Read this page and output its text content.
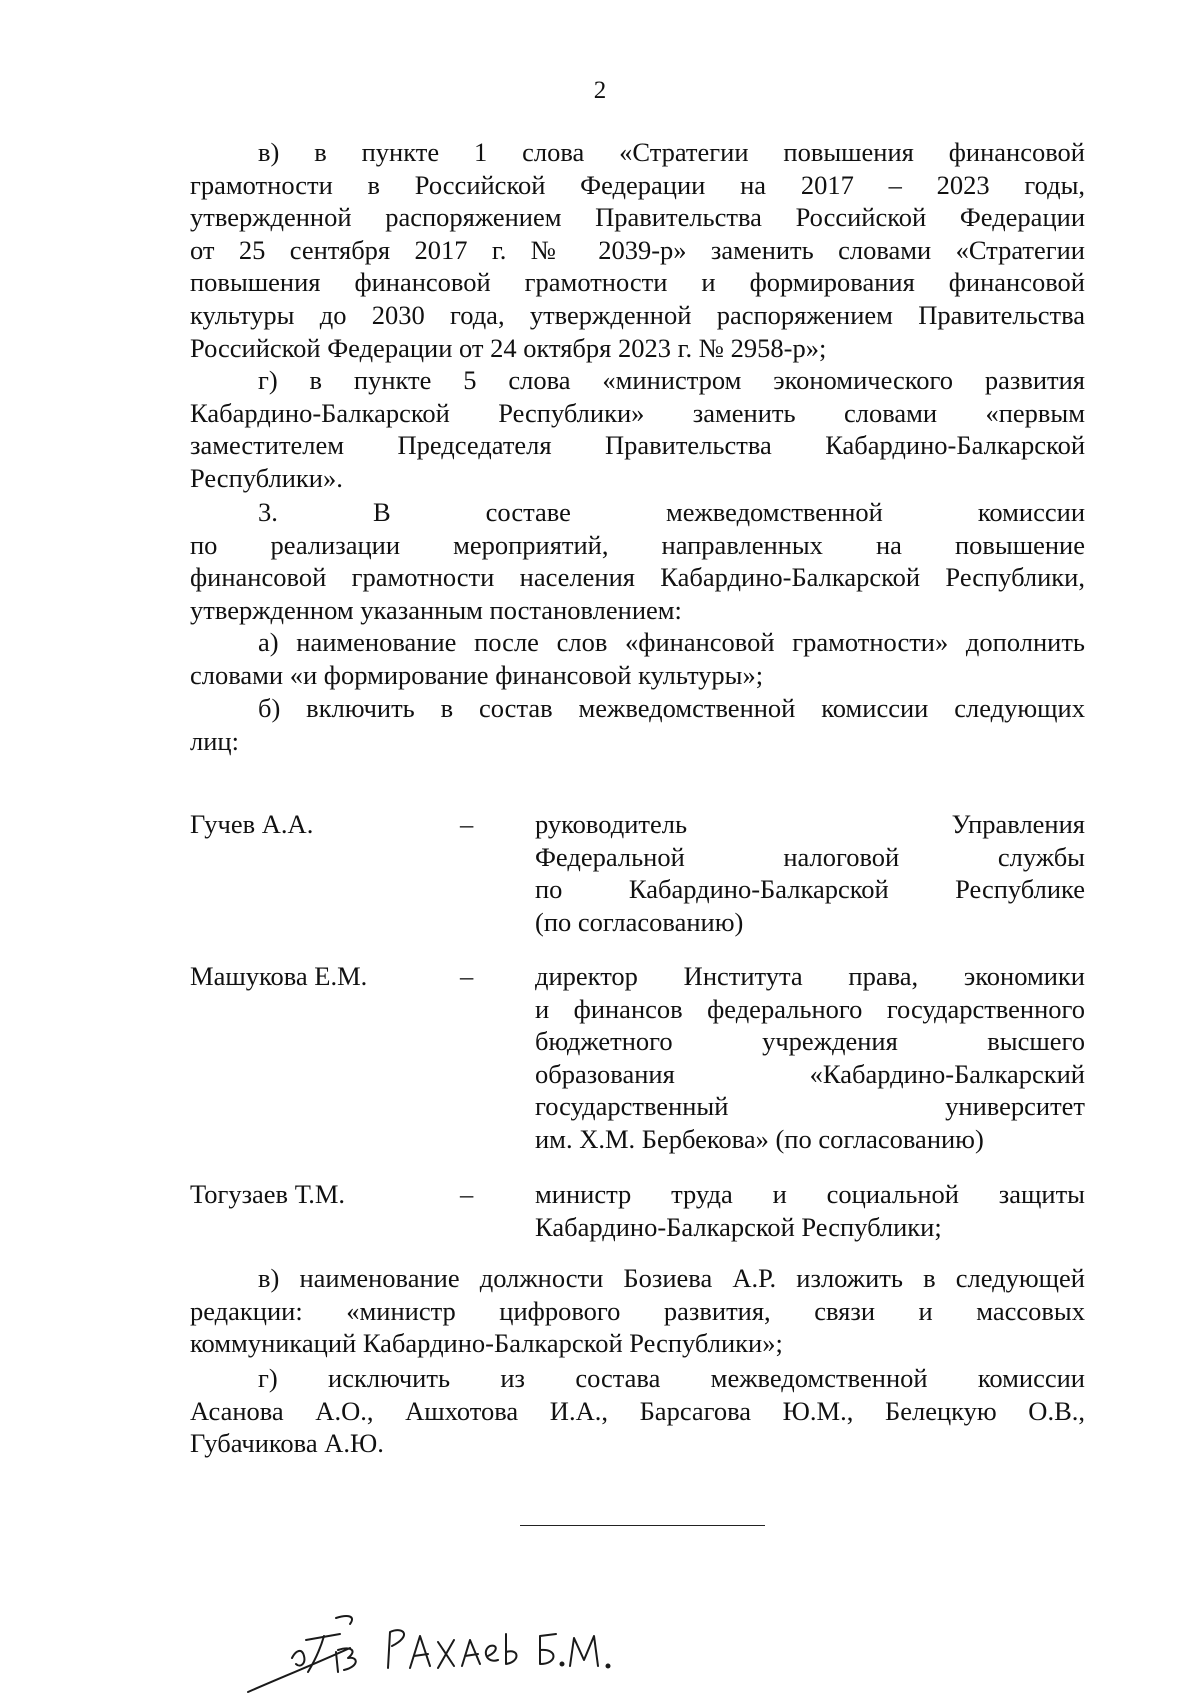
2
в) в пункте 1 слова «Стратегии повышения финансовой
грамотности в Российской Федерации на 2017 – 2023 годы,
утвержденной распоряжением Правительства Российской Федерации
от 25 сентября 2017 г. № 2039-р» заменить словами «Стратегии
повышения финансовой грамотности и формирования финансовой
культуры до 2030 года, утвержденной распоряжением Правительства
Российской Федерации от 24 октября 2023 г. № 2958-р»;
г) в пункте 5 слова «министром экономического развития
Кабардино-Балкарской Республики» заменить словами «первым
заместителем Председателя Правительства Кабардино-Балкарской
Республики».
3. В составе межведомственной комиссии
по реализации мероприятий, направленных на повышение
финансовой грамотности населения Кабардино-Балкарской Республики,
утвержденном указанным постановлением:
а) наименование после слов «финансовой грамотности» дополнить
словами «и формирование финансовой культуры»;
б) включить в состав межведомственной комиссии следующих
лиц:
Гучев А.А.	– руководитель Управления
Федеральной налоговой службы
по Кабардино-Балкарской Республике
(по согласованию)
Машукова Е.М.	– директор Института права, экономики
и финансов федерального государственного
бюджетного учреждения высшего
образования «Кабардино-Балкарский
государственный университет
им. Х.М. Бербекова» (по согласованию)
Тогузаев Т.М.	– министр труда и социальной защиты
Кабардино-Балкарской Республики;
в) наименование должности Бозиева А.Р. изложить в следующей
редакции: «министр цифрового развития, связи и массовых
коммуникаций Кабардино-Балкарской Республики»;
г) исключить из состава межведомственной комиссии
Асанова А.О., Ашхотова И.А., Барсагова Ю.М., Белецкую О.В.,
Губачикова А.Ю.
